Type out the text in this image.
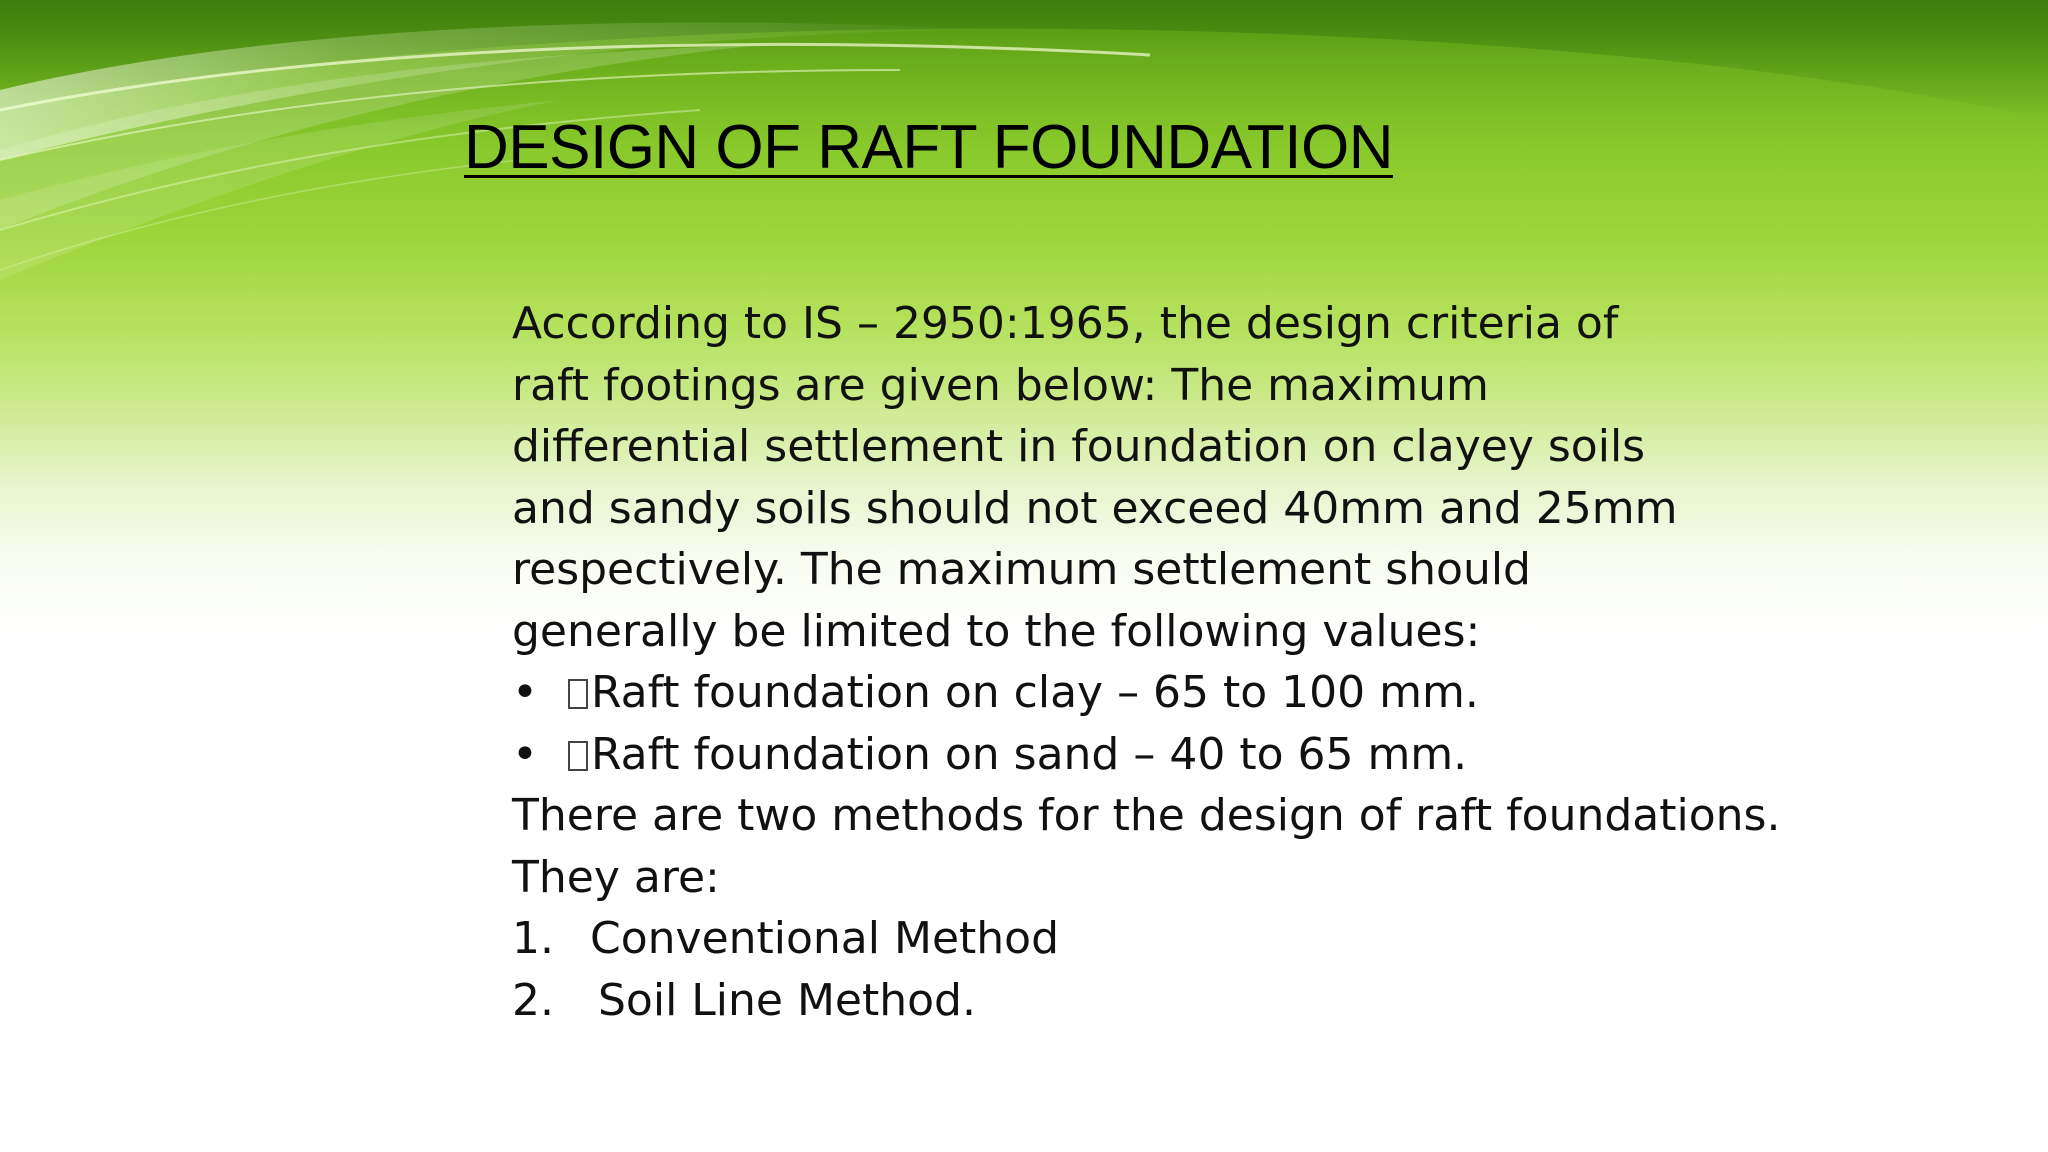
DESIGN OF RAFT FOUNDATION
According to IS – 2950:1965, the design criteria of
raft footings are given below: The maximum
differential settlement in foundation on clayey soils
and sandy soils should not exceed 40mm and 25mm
respectively. The maximum settlement should
generally be limited to the following values:
•	Raft foundation on clay – 65 to 100 mm.
•	Raft foundation on sand – 40 to 65 mm.
There are two methods for the design of raft foundations.
They are:
1. Conventional Method
2.	Soil Line Method.
